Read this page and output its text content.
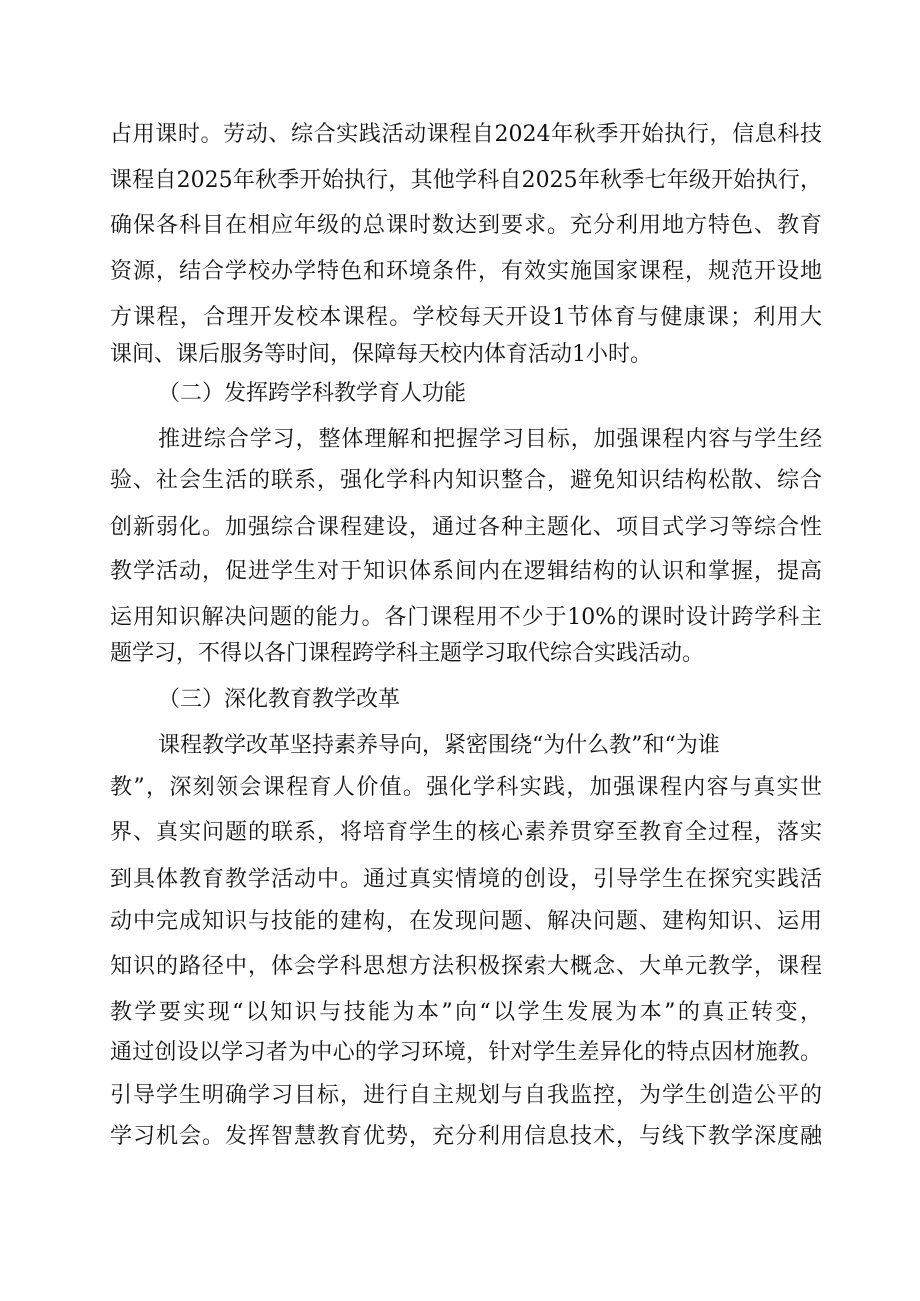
占用课时。劳动、综合实践活动课程自2024年秋季开始执行，信息科技
课程自2025年秋季开始执行，其他学科自2025年秋季七年级开始执行，
确保各科目在相应年级的总课时数达到要求。充分利用地方特色、教育
资源，结合学校办学特色和环境条件，有效实施国家课程，规范开设地
方课程，合理开发校本课程。学校每天开设1节体育与健康课；利用大
课间、课后服务等时间，保障每天校内体育活动1小时。
（二）发挥跨学科教学育人功能
推进综合学习，整体理解和把握学习目标，加强课程内容与学生经
验、社会生活的联系，强化学科内知识整合，避免知识结构松散、综合
创新弱化。加强综合课程建设，通过各种主题化、项目式学习等综合性
教学活动，促进学生对于知识体系间内在逻辑结构的认识和掌握，提高
运用知识解决问题的能力。各门课程用不少于10%的课时设计跨学科主
题学习，不得以各门课程跨学科主题学习取代综合实践活动。
（三）深化教育教学改革
课程教学改革坚持素养导向，紧密围绕“为什么教”和“为谁
教”，深刻领会课程育人价值。强化学科实践，加强课程内容与真实世
界、真实问题的联系，将培育学生的核心素养贯穿至教育全过程，落实
到具体教育教学活动中。通过真实情境的创设，引导学生在探究实践活
动中完成知识与技能的建构，在发现问题、解决问题、建构知识、运用
知识的路径中，体会学科思想方法积极探索大概念、大单元教学，课程
教学要实现“以知识与技能为本”向“以学生发展为本”的真正转变，
通过创设以学习者为中心的学习环境，针对学生差异化的特点因材施教。
引导学生明确学习目标，进行自主规划与自我监控，为学生创造公平的
学习机会。发挥智慧教育优势，充分利用信息技术，与线下教学深度融
